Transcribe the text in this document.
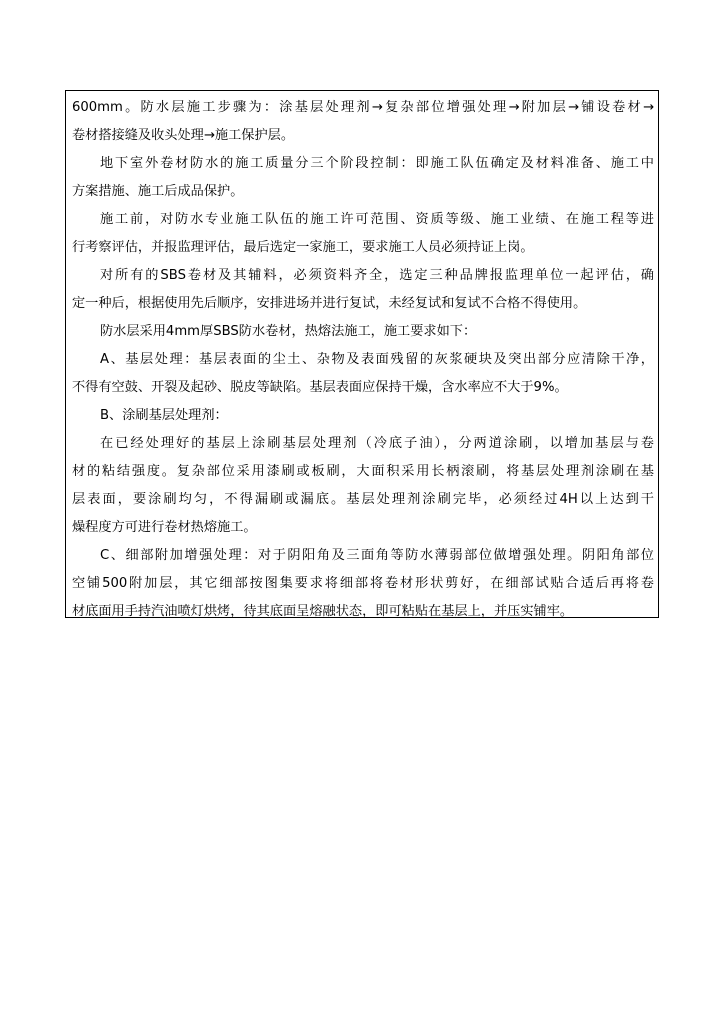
600mm。防水层施工步骤为：涂基层处理剂→复杂部位增强处理→附加层→铺设卷材→
卷材搭接缝及收头处理→施工保护层。
地下室外卷材防水的施工质量分三个阶段控制：即施工队伍确定及材料准备、施工中
方案措施、施工后成品保护。
施工前，对防水专业施工队伍的施工许可范围、资质等级、施工业绩、在施工程等进
行考察评估，并报监理评估，最后选定一家施工，要求施工人员必须持证上岗。
对所有的SBS卷材及其辅料，必须资料齐全，选定三种品牌报监理单位一起评估，确
定一种后，根据使用先后顺序，安排进场并进行复试，未经复试和复试不合格不得使用。
防水层采用4mm厚SBS防水卷材，热熔法施工，施工要求如下：
A、基层处理：基层表面的尘土、杂物及表面残留的灰浆硬块及突出部分应清除干净，
不得有空鼓、开裂及起砂、脱皮等缺陷。基层表面应保持干燥，含水率应不大于9%。
B、涂刷基层处理剂：
在已经处理好的基层上涂刷基层处理剂（冷底子油），分两道涂刷，以增加基层与卷
材的粘结强度。复杂部位采用漆刷或板刷，大面积采用长柄滚刷，将基层处理剂涂刷在基
层表面，要涂刷均匀，不得漏刷或漏底。基层处理剂涂刷完毕，必须经过4H以上达到干
燥程度方可进行卷材热熔施工。
C、细部附加增强处理：对于阴阳角及三面角等防水薄弱部位做增强处理。阴阳角部位
空铺500附加层，其它细部按图集要求将细部将卷材形状剪好，在细部试贴合适后再将卷
材底面用手持汽油喷灯烘烤，待其底面呈熔融状态，即可粘贴在基层上，并压实铺牢。
